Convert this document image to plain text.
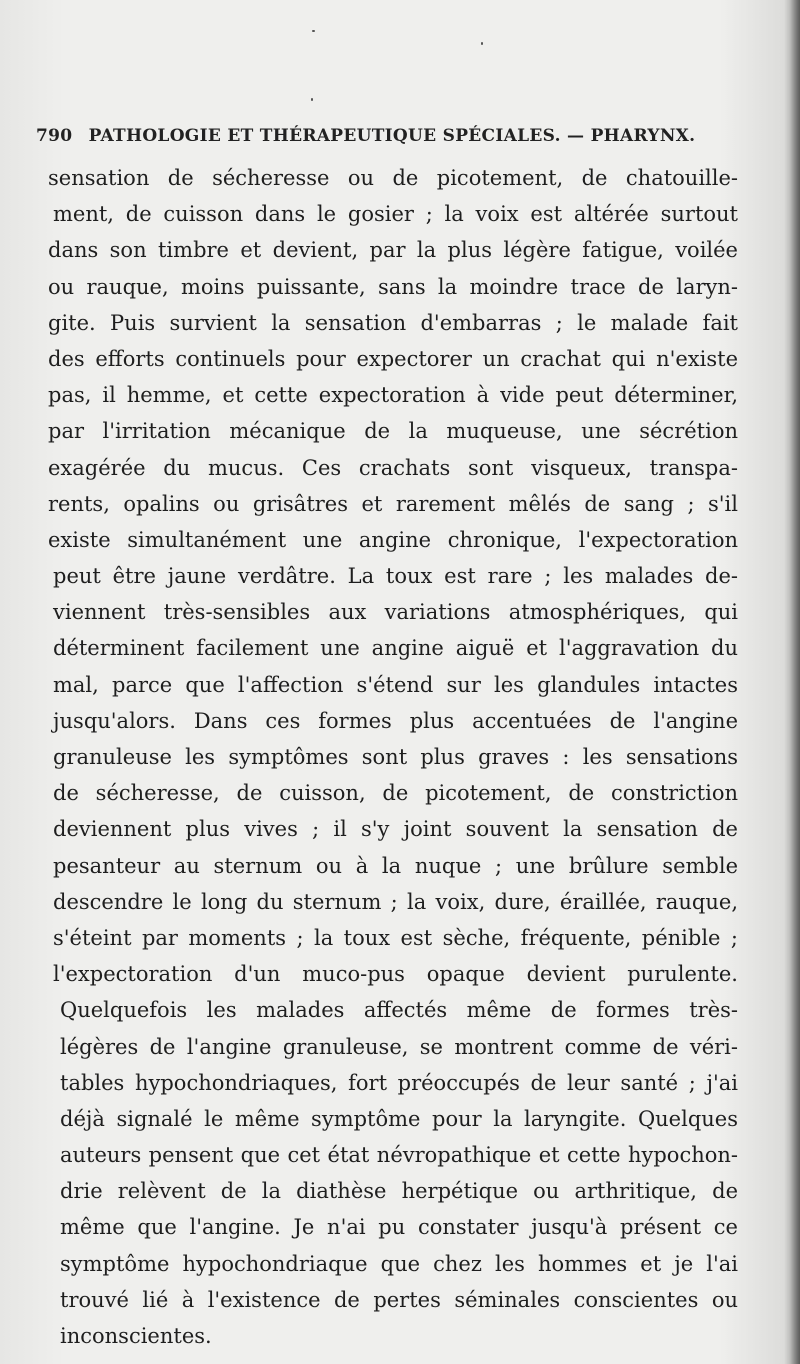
790 PATHOLOGIE ET THÉRAPEUTIQUE SPÉCIALES. — PHARYNX.
sensation de sécheresse ou de picotement, de chatouille-
ment, de cuisson dans le gosier ; la voix est altérée surtout
dans son timbre et devient, par la plus légère fatigue, voilée
ou rauque, moins puissante, sans la moindre trace de laryn-
gite. Puis survient la sensation d'embarras ; le malade fait
des efforts continuels pour expectorer un crachat qui n'existe
pas, il hemme, et cette expectoration à vide peut déterminer,
par l'irritation mécanique de la muqueuse, une sécrétion
exagérée du mucus. Ces crachats sont visqueux, transpa-
rents, opalins ou grisâtres et rarement mêlés de sang ; s'il
existe simultanément une angine chronique, l'expectoration
peut être jaune verdâtre. La toux est rare ; les malades de-
viennent très-sensibles aux variations atmosphériques, qui
déterminent facilement une angine aiguë et l'aggravation du
mal, parce que l'affection s'étend sur les glandules intactes
jusqu'alors. Dans ces formes plus accentuées de l'angine
granuleuse les symptômes sont plus graves : les sensations
de sécheresse, de cuisson, de picotement, de constriction
deviennent plus vives ; il s'y joint souvent la sensation de
pesanteur au sternum ou à la nuque ; une brûlure semble
descendre le long du sternum ; la voix, dure, éraillée, rauque,
s'éteint par moments ; la toux est sèche, fréquente, pénible ;
l'expectoration d'un muco-pus opaque devient purulente.
Quelquefois les malades affectés même de formes très-
légères de l'angine granuleuse, se montrent comme de véri-
tables hypochondriaques, fort préoccupés de leur santé ; j'ai
déjà signalé le même symptôme pour la laryngite. Quelques
auteurs pensent que cet état névropathique et cette hypochon-
drie relèvent de la diathèse herpétique ou arthritique, de
même que l'angine. Je n'ai pu constater jusqu'à présent ce
symptôme hypochondriaque que chez les hommes et je l'ai
trouvé lié à l'existence de pertes séminales conscientes ou
inconscientes.
